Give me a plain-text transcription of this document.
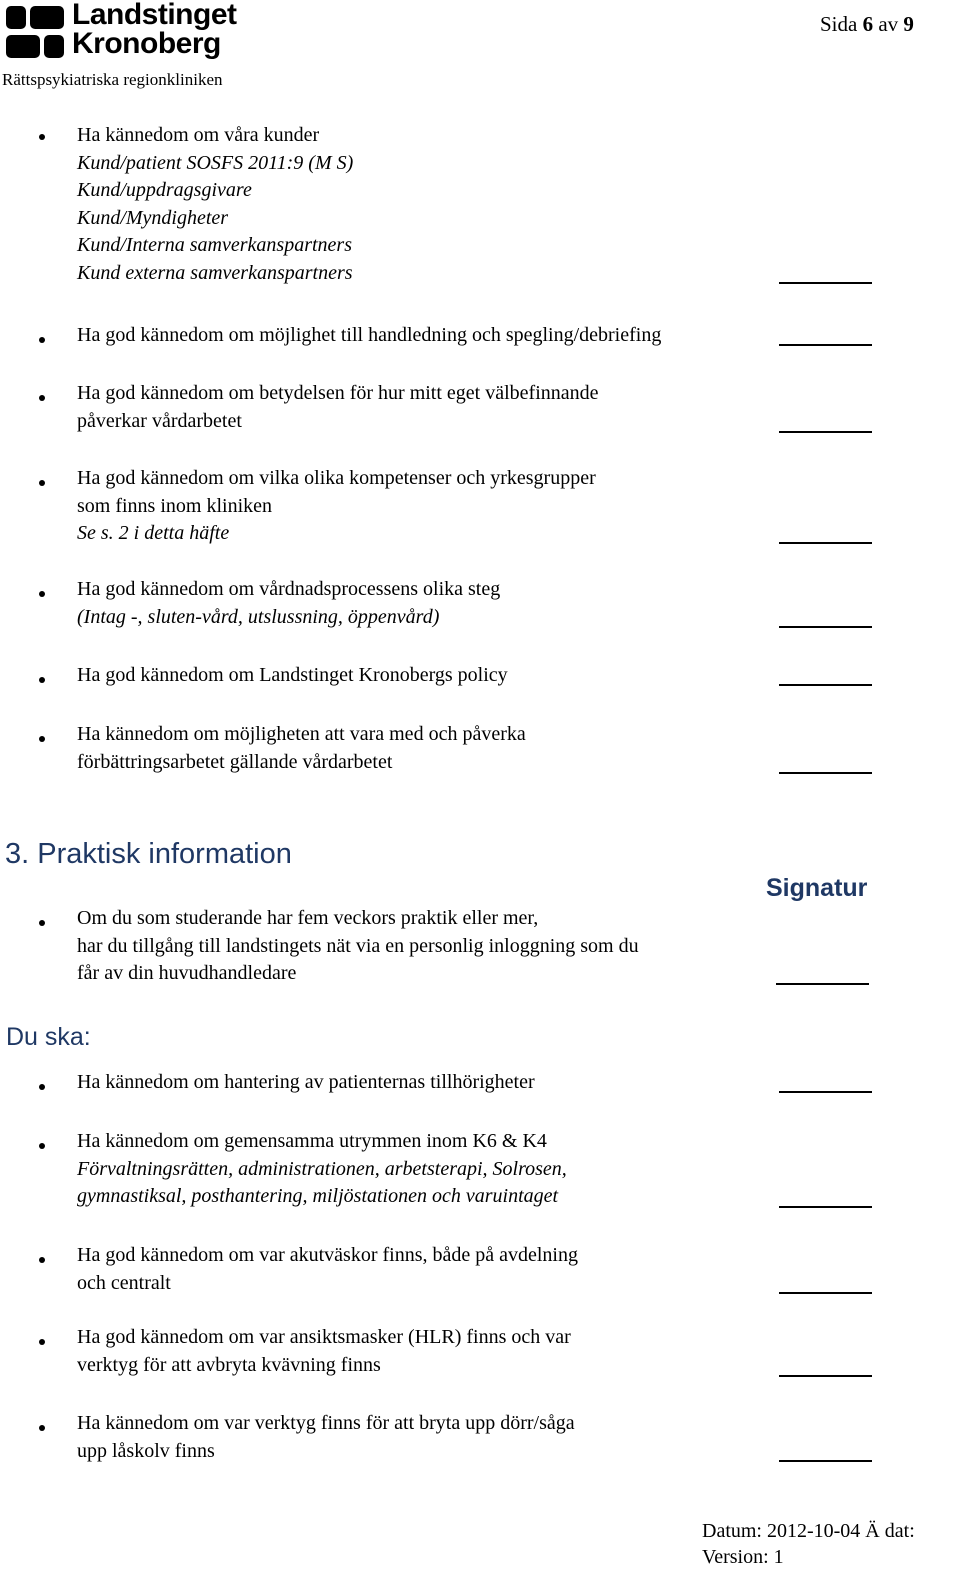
Landstinget
Kronoberg
Rättspsykiatriska regionkliniken
Sida 6 av 9
Ha kännedom om våra kunder
Kund/patient SOSFS 2011:9 (M S)
Kund/uppdragsgivare
Kund/Myndigheter
Kund/Interna samverkanspartners
Kund externa samverkanspartners
Ha god kännedom om möjlighet till handledning och spegling/debriefing
Ha god kännedom om betydelsen för hur mitt eget välbefinnande
påverkar vårdarbetet
Ha god kännedom om vilka olika kompetenser och yrkesgrupper
som finns inom kliniken
Se s. 2 i detta häfte
Ha god kännedom om vårdnadsprocessens olika steg
(Intag -, sluten-vård, utslussning, öppenvård)
Ha god kännedom om Landstinget Kronobergs policy
Ha kännedom om möjligheten att vara med och påverka
förbättringsarbetet gällande vårdarbetet
3. Praktisk information
Signatur
Om du som studerande har fem veckors praktik eller mer,
har du tillgång till landstingets nät via en personlig inloggning som du
får av din huvudhandledare
Du ska:
Ha kännedom om hantering av patienternas tillhörigheter
Ha kännedom om gemensamma utrymmen inom K6 & K4
Förvaltningsrätten, administrationen, arbetsterapi, Solrosen,
gymnastiksal, posthantering, miljöstationen och varuintaget
Ha god kännedom om var akutväskor finns, både på avdelning
och centralt
Ha god kännedom om var ansiktsmasker (HLR) finns och var
verktyg för att avbryta kvävning finns
Ha kännedom om var verktyg finns för att bryta upp dörr/såga
upp låskolv finns
Datum: 2012-10-04 Ä dat:
Version: 1
